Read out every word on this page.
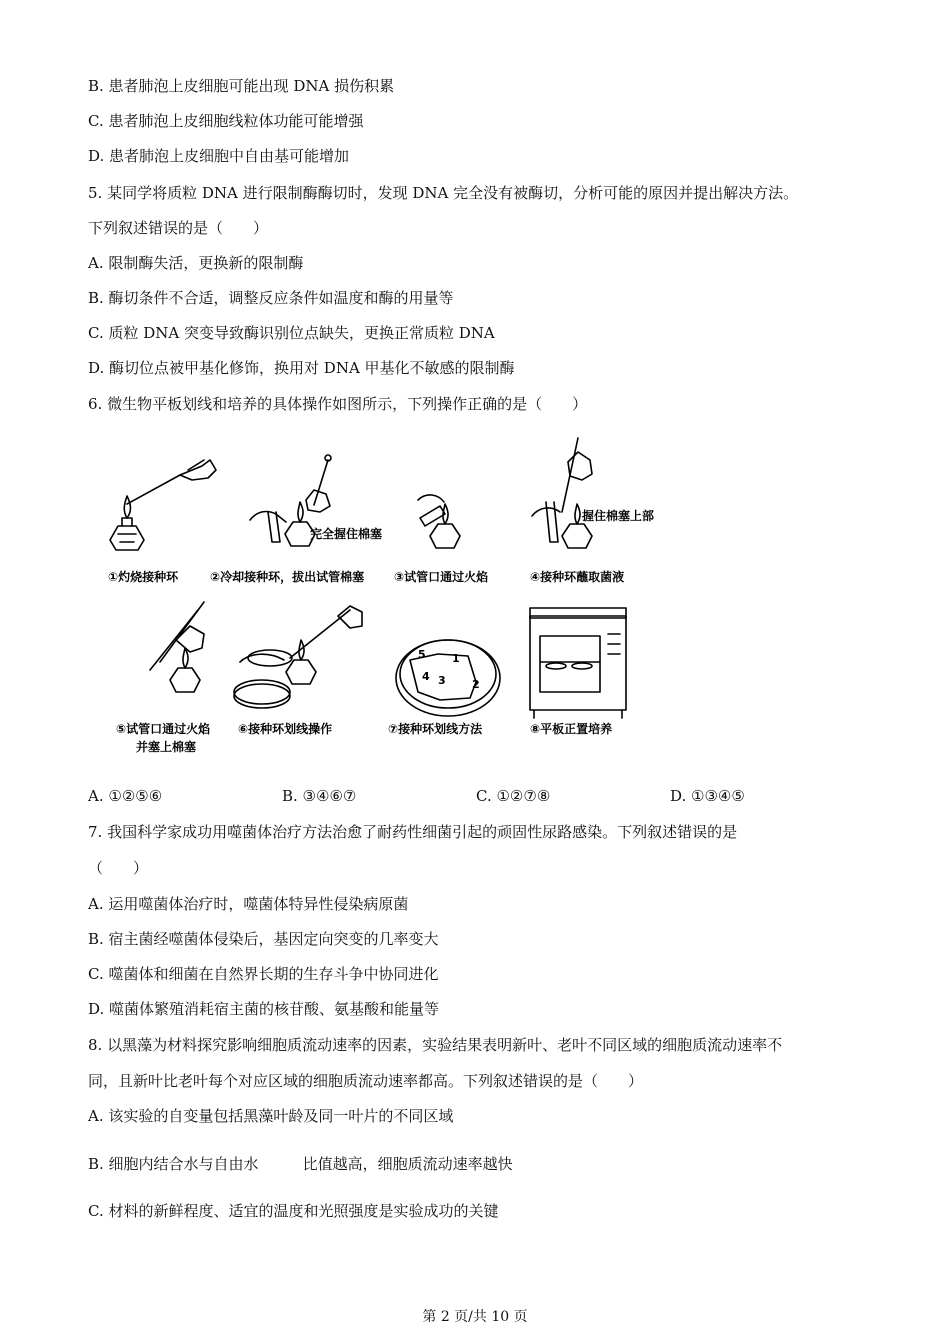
B. 患者肺泡上皮细胞可能出现 DNA 损伤积累
C. 患者肺泡上皮细胞线粒体功能可能增强
D. 患者肺泡上皮细胞中自由基可能增加
5. 某同学将质粒 DNA 进行限制酶酶切时，发现 DNA 完全没有被酶切，分析可能的原因并提出解决方法。
下列叙述错误的是（　　）
A. 限制酶失活，更换新的限制酶
B. 酶切条件不合适，调整反应条件如温度和酶的用量等
C. 质粒 DNA 突变导致酶识别位点缺失，更换正常质粒 DNA
D. 酶切位点被甲基化修饰，换用对 DNA 甲基化不敏感的限制酶
6. 微生物平板划线和培养的具体操作如图所示，下列操作正确的是（　　）
5 1
4 3 2
完全握住棉塞
握住棉塞上部
①灼烧接种环	②冷却接种环，拔出试管棉塞 ③试管口通过火焰	④接种环蘸取菌液
⑤试管口通过火焰
并塞上棉塞
⑥接种环划线操作	⑦接种环划线方法	⑧平板正置培养
A. ①②⑤⑥	B. ③④⑥⑦	C. ①②⑦⑧	D. ①③④⑤
7. 我国科学家成功用噬菌体治疗方法治愈了耐药性细菌引起的顽固性尿路感染。下列叙述错误的是
（　　）
A. 运用噬菌体治疗时，噬菌体特异性侵染病原菌
B. 宿主菌经噬菌体侵染后，基因定向突变的几率变大
C. 噬菌体和细菌在自然界长期的生存斗争中协同进化
D. 噬菌体繁殖消耗宿主菌的核苷酸、氨基酸和能量等
8. 以黑藻为材料探究影响细胞质流动速率的因素，实验结果表明新叶、老叶不同区域的细胞质流动速率不
同，且新叶比老叶每个对应区域的细胞质流动速率都高。下列叙述错误的是（　　）
A. 该实验的自变量包括黑藻叶龄及同一叶片的不同区域
B. 细胞内结合水与自由水	比值越高，细胞质流动速率越快
C. 材料的新鲜程度、适宜的温度和光照强度是实验成功的关键
第 2 页/共 10 页
